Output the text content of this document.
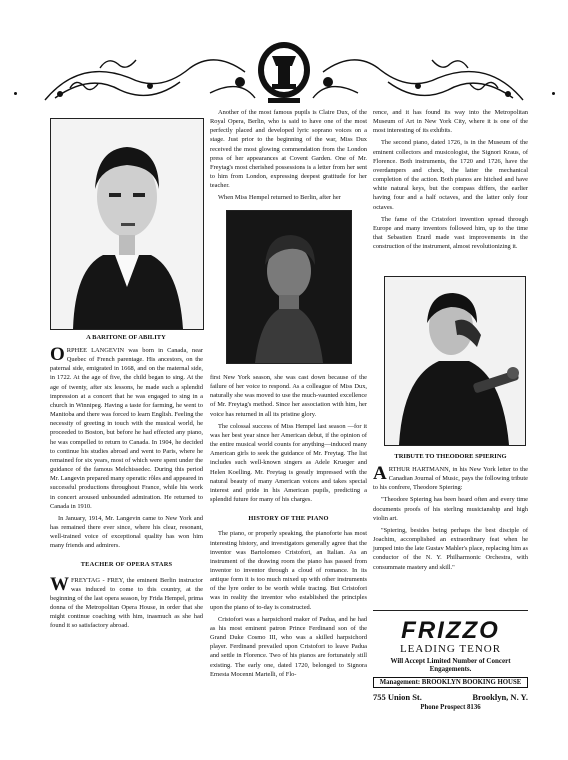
A BARITONE OF ABILITY

ORPHEE LANGEVIN was born in Canada, near Quebec of French parentage. His ancestors, on the paternal side, emigrated in 1668, and on the maternal side, in 1722. At the age of five, the child began to sing. At the age of twenty, after six lessons, he made such a splendid impression at a concert that he was engaged to sing in a church in Winnipeg. Having a taste for farming, he went to Manitoba and there was forced to learn English. Feeling the necessity of greeting in touch with the musical world, he proceeded to Boston, but before he had effected any piano, he was compelled to return to Canada. In 1904, he decided to continue his studies abroad and went to Paris, where he remained for six years, most of which were spent under the guidance of the famous Melchissedec. During this period Mr. Langevin prepared many operatic rôles and appeared in successful productions throughout France, while his work in concert aroused unbounded admiration. He returned to Canada in 1910.

In January, 1914, Mr. Langevin came to New York and has remained there ever since, where his clear, resonant, well-trained voice of exceptional quality has won him many friends and admirers.

TEACHER OF OPERA STARS

WFREYTAG - FREY, the eminent Berlin instructor was induced to come to this country, at the beginning of the last opera season, by Frida Hempel, prima donna of the Metropolitan Opera House, in order that she might continue coaching with him, inasmuch as she had found it so satisfactory abroad.

Another of the most famous pupils is Claire Dux, of the Royal Opera, Berlin, who is said to have one of the most perfectly placed and developed lyric soprano voices on a stage. Just prior to the beginning of the war, Miss Dux received the most glowing commendation from the London press of her appearances at Covent Garden. One of Mr. Freytag's most cherished possessions is a letter from her sent to him from London, expressing deepest gratitude for her teacher.

When Miss Hempel returned to Berlin, after her

first New York season, she was cast down because of the failure of her voice to respond. As a colleague of Miss Dux, naturally she was moved to use the much-vaunted excellence of Mr. Freytag's method. Since her association with him, her voice has returned in all its pristine glory.

The colossal success of Miss Hempel last season —for it was her best year since her American debut, if the opinion of the entire musical world counts for anything—induced many American girls to seek the guidance of Mr. Freytag. The list includes such well-known singers as Adele Krueger and Helen Koelling. Mr. Freytag is greatly impressed with the natural beauty of many American voices and takes special interest and pride in his American pupils, predicting a splendid future for many of his charges.

HISTORY OF THE PIANO

The piano, or properly speaking, the pianoforte has most interesting history, and investigators generally agree that the inventor was Bartolomeo Cristofori, an Italian. As an instrument of the drawing room the piano has passed from inventor to inventor through a cloud of romance. In its antique form it is too much mixed up with other instruments of the lyre order to be worth while tracing. But Cristofori was in reality the inventor who established the principles upon the piano of to-day is constructed.

Cristofori was a harpsichord maker of Padua, and he had as his most eminent patron Prince Ferdinand son of the Grand Duke Cosmo III, who was a skilled harpsichord player. Ferdinand prevailed upon Cristofori to leave Padua and settle in Florence. Two of his pianos are fortunately still existing. The early one, dated 1720, belonged to Signora Ernesta Mocenni Martelli, of Flo-

rence, and it has found its way into the Metropolitan Museum of Art in New York City, where it is one of the most interesting of its exhibits.

The second piano, dated 1726, is in the Museum of the eminent collectors and musicologist, the Signori Kraus, of Florence. Both instruments, the 1720 and 1726, have the overdampers and check, the latter the mechanical completion of the action. Both pianos are hitched and have white natural keys, but the compass differs, the earlier having four and a half octaves, and the latter only four octaves.

The fame of the Cristofori invention spread through Europe and many inventors followed him, up to the time that Sebastien Erard made vast improvements in the construction of the instrument, almost revolutionizing it.

TRIBUTE TO THEODORE SPIERING

ARTHUR HARTMANN, in his New York letter to the Canadian Journal of Music, pays the following tribute to his confrere, Theodore Spiering:

"Theodore Spiering has been heard often and every time documents proofs of his sterling musicianship and high violin art.

"Spiering, besides being perhaps the best disciple of Joachim, accomplished an extraordinary feat when he jumped into the late Gustav Mahler's place, replacing him as conductor of the N. Y. Philharmonic Orchestra, with consummate mastery and skill."

FRIZZO
LEADING TENOR
Will Accept Limited Number of Concert Engagements.
Management: BROOKLYN BOOKING HOUSE
755 Union St.	Brooklyn, N. Y.
Phone Prospect 8136
